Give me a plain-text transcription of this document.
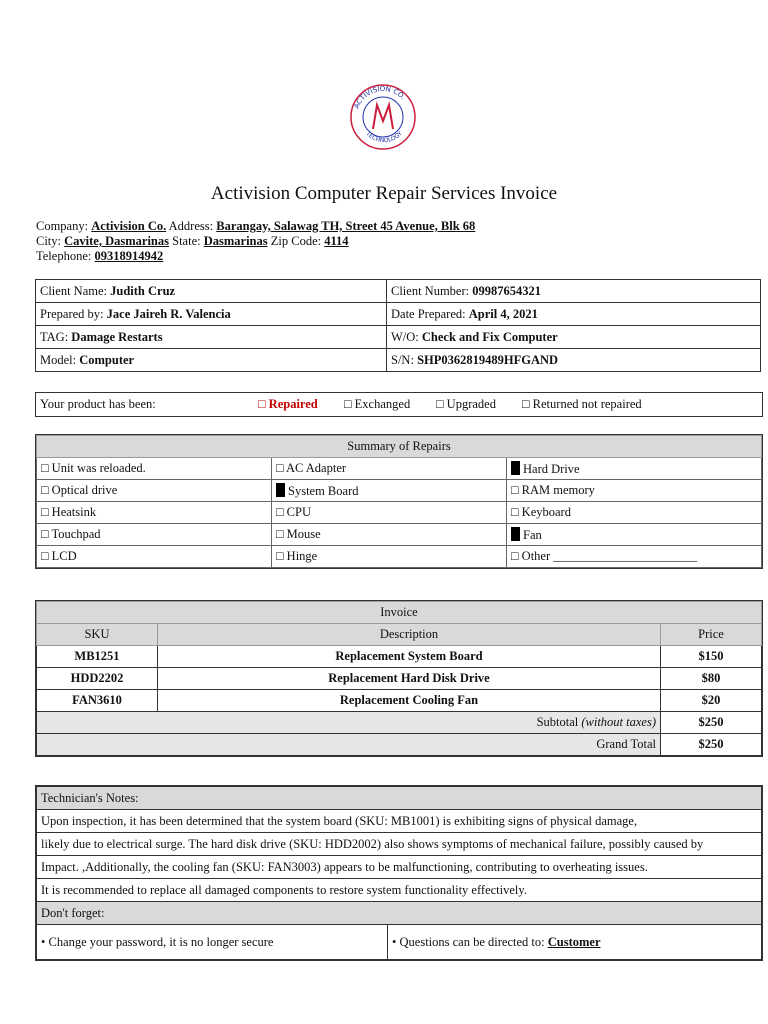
ACTIVISION CO.
TECHNOLOGY
Activision Computer Repair Services Invoice
Company: Activision Co. Address: Barangay, Salawag TH, Street 45 Avenue, Blk 68
City: Cavite, Dasmarinas State: Dasmarinas Zip Code: 4114
Telephone: 09318914942
Client Name: Judith Cruz	Client Number: 09987654321
Prepared by: Jace Jaireh R. Valencia	Date Prepared: April 4, 2021
TAG: Damage Restarts	W/O: Check and Fix Computer
Model: Computer	S/N: SHP0362819489HFGAND
Your product has been:	□ Repaired □ Exchanged □ Upgraded □ Returned not repaired
Summary of Repairs		
□ Unit was reloaded.	□ AC Adapter	Hard Drive
□ Optical drive	System Board	□ RAM memory
□ Heatsink	□ CPU	□ Keyboard
□ Touchpad	□ Mouse	Fan
□ LCD	□ Hinge	□ Other _______________________
Invoice		
SKU	Description	Price
MB1251	Replacement System Board	$150
HDD2202	Replacement Hard Disk Drive	$80
FAN3610	Replacement Cooling Fan	$20
Subtotal (without taxes)		$250
Grand Total		$250
Technician's Notes:
Upon inspection, it has been determined that the system board (SKU: MB1001) is exhibiting signs of physical damage,
likely due to electrical surge. The hard disk drive (SKU: HDD2002) also shows symptoms of mechanical failure, possibly caused by
Impact. ,Additionally, the cooling fan (SKU: FAN3003) appears to be malfunctioning, contributing to overheating issues.
It is recommended to replace all damaged components to restore system functionality effectively.
Don't forget:
• Change your password, it is no longer secure	• Questions can be directed to: Customer
